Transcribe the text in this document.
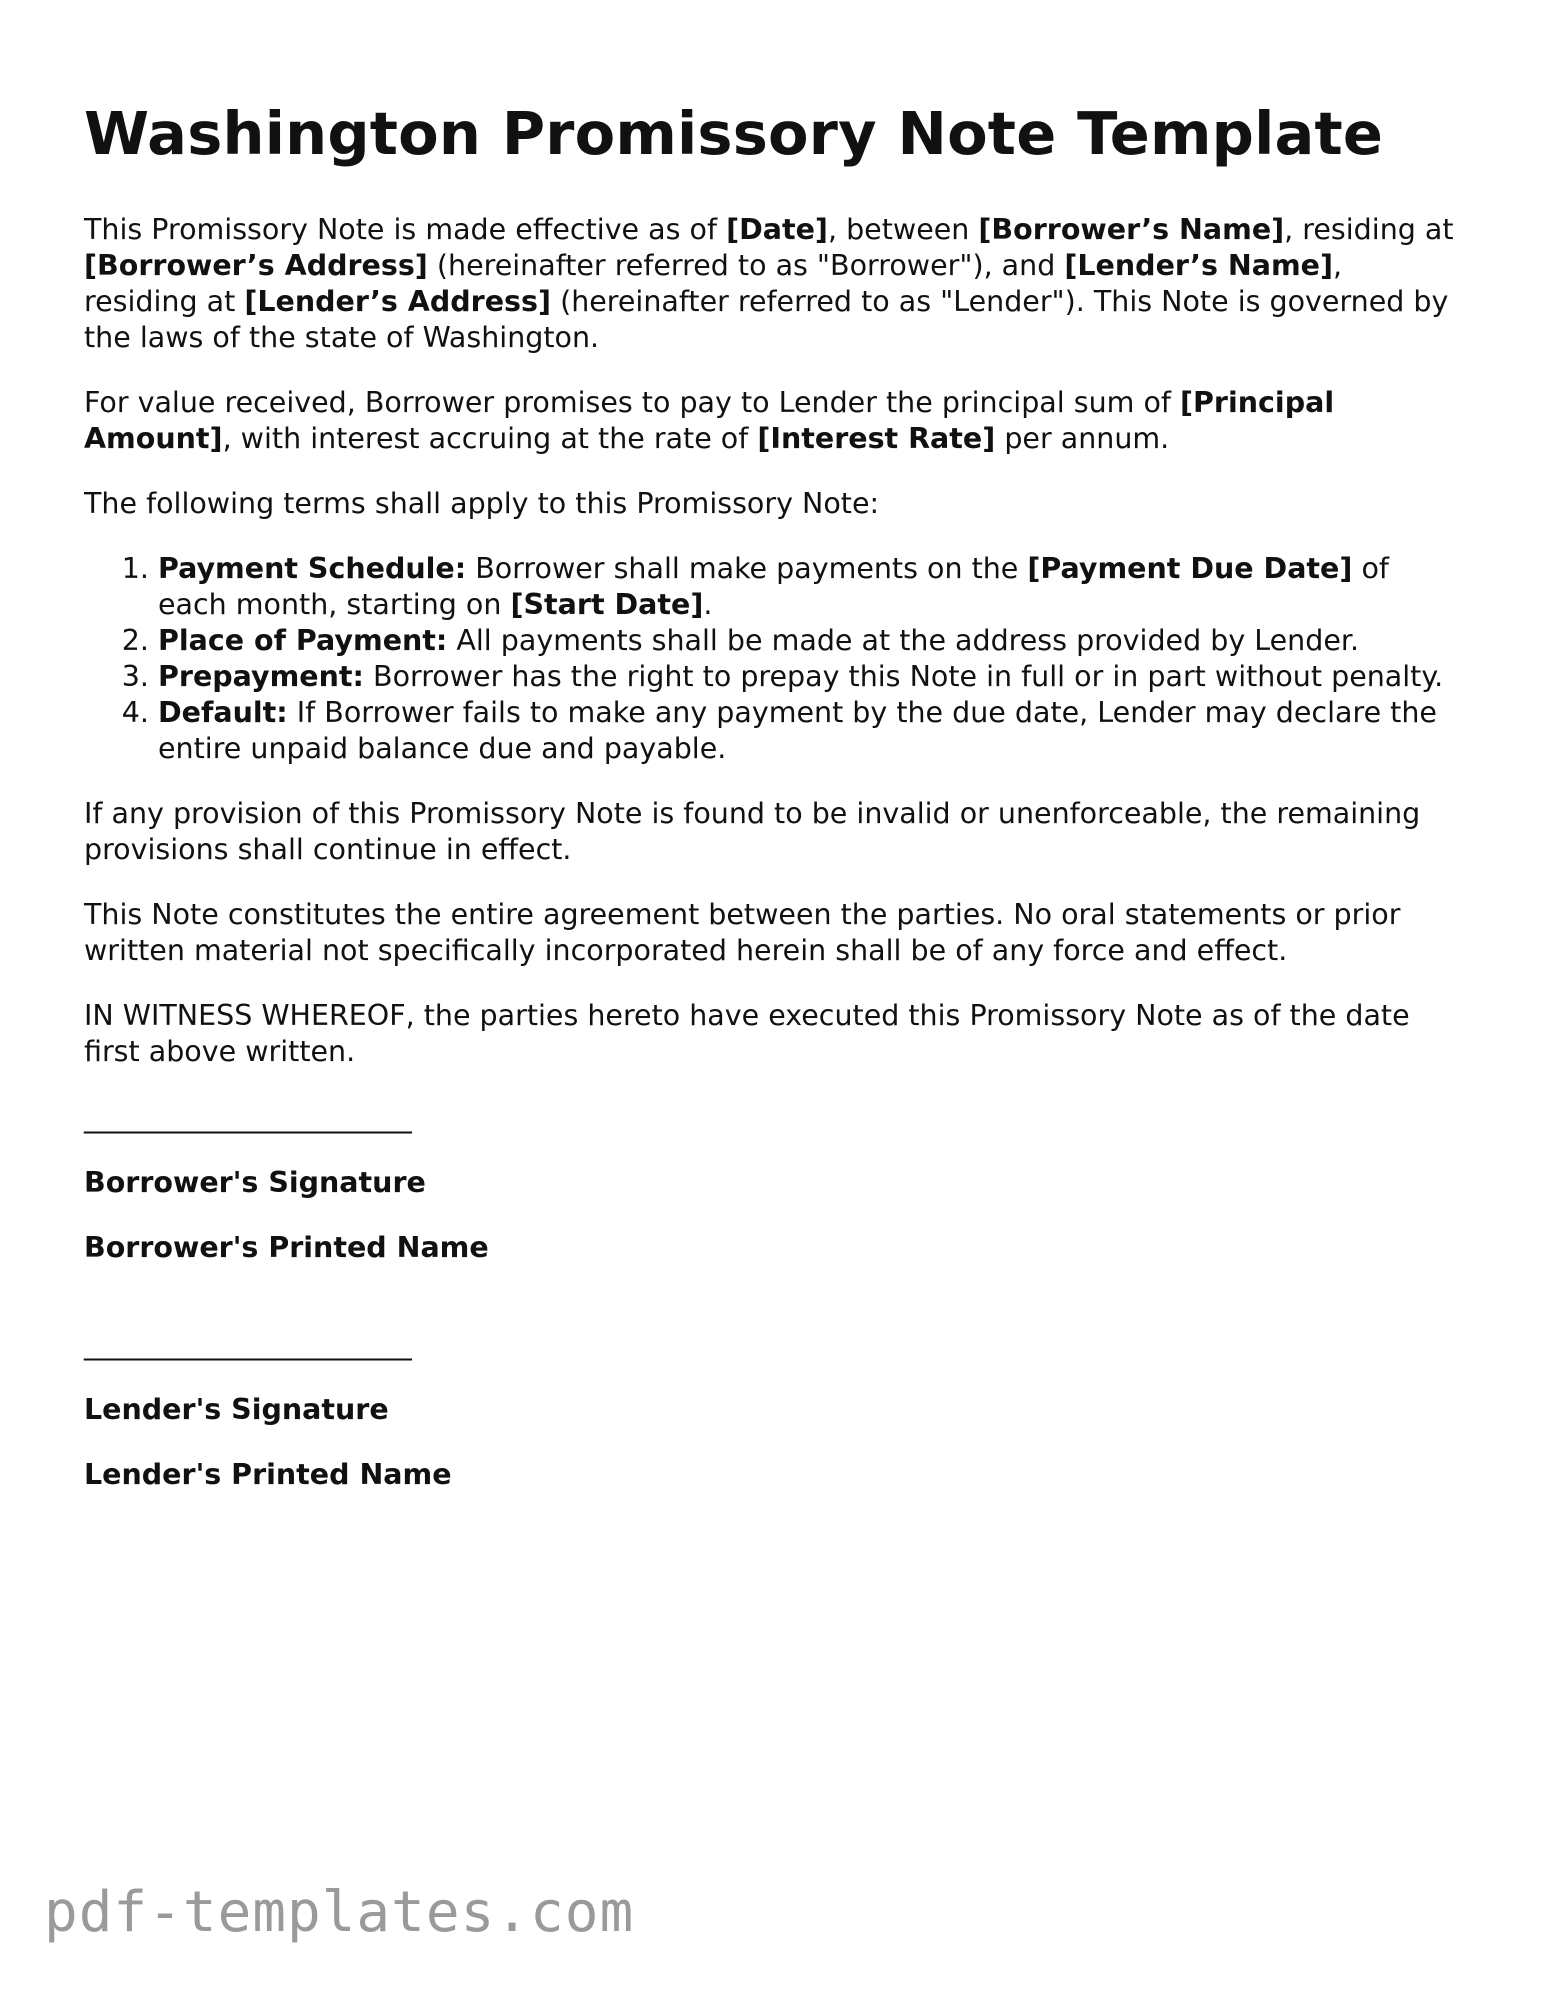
Washington Promissory Note Template

This Promissory Note is made effective as of [Date], between [Borrower’s Name], residing at [Borrower’s Address] (hereinafter referred to as "Borrower"), and [Lender’s Name], residing at [Lender’s Address] (hereinafter referred to as "Lender"). This Note is governed by the laws of the state of Washington.

For value received, Borrower promises to pay to Lender the principal sum of [Principal Amount], with interest accruing at the rate of [Interest Rate] per annum.

The following terms shall apply to this Promissory Note:

1. Payment Schedule: Borrower shall make payments on the [Payment Due Date] of each month, starting on [Start Date].
2. Place of Payment: All payments shall be made at the address provided by Lender.
3. Prepayment: Borrower has the right to prepay this Note in full or in part without penalty.
4. Default: If Borrower fails to make any payment by the due date, Lender may declare the entire unpaid balance due and payable.

If any provision of this Promissory Note is found to be invalid or unenforceable, the remaining provisions shall continue in effect.

This Note constitutes the entire agreement between the parties. No oral statements or prior written material not specifically incorporated herein shall be of any force and effect.

IN WITNESS WHEREOF, the parties hereto have executed this Promissory Note as of the date first above written.

_______________________
Borrower's Signature
Borrower's Printed Name
_______________________
Lender's Signature
Lender's Printed Name
pdf-templates.com
